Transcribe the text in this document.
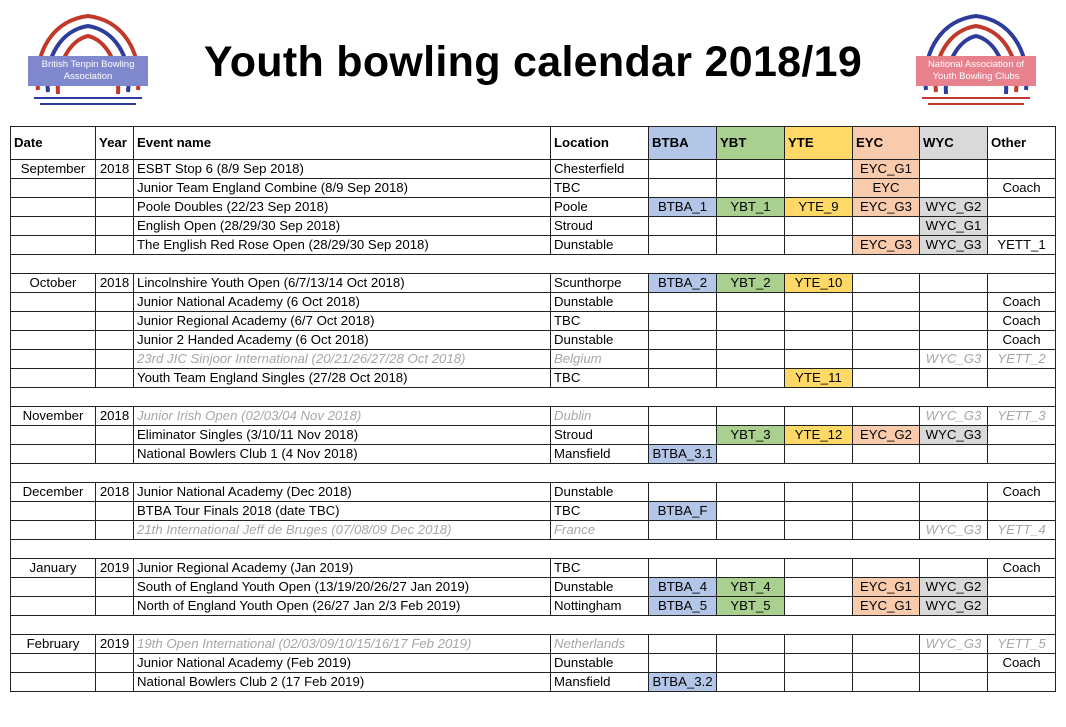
British Tenpin Bowling Association
National Association of Youth Bowling Clubs
Youth bowling calendar 2018/19
Date	Year	Event name	Location	BTBA	YBT	YTE	EYC	WYC	Other
September	2018	ESBT Stop 6 (8/9 Sep 2018)	Chesterfield				EYC_G1		
		Junior Team England Combine (8/9 Sep 2018)	TBC				EYC		Coach
		Poole Doubles (22/23 Sep 2018)	Poole	BTBA_1	YBT_1	YTE_9	EYC_G3	WYC_G2	
		English Open (28/29/30 Sep 2018)	Stroud					WYC_G1	
		The English Red Rose Open (28/29/30 Sep 2018)	Dunstable				EYC_G3	WYC_G3	YETT_1

October	2018	Lincolnshire Youth Open (6/7/13/14 Oct 2018)	Scunthorpe	BTBA_2	YBT_2	YTE_10			
		Junior National Academy (6 Oct 2018)	Dunstable						Coach
		Junior Regional Academy (6/7 Oct 2018)	TBC						Coach
		Junior 2 Handed Academy (6 Oct 2018)	Dunstable						Coach
		23rd JIC Sinjoor International (20/21/26/27/28 Oct 2018)	Belgium					WYC_G3	YETT_2
		Youth Team England Singles (27/28 Oct 2018)	TBC			YTE_11			

November	2018	Junior Irish Open (02/03/04 Nov 2018)	Dublin					WYC_G3	YETT_3
		Eliminator Singles (3/10/11 Nov 2018)	Stroud		YBT_3	YTE_12	EYC_G2	WYC_G3	
		National Bowlers Club 1 (4 Nov 2018)	Mansfield	BTBA_3.1					

December	2018	Junior National Academy (Dec 2018)	Dunstable						Coach
		BTBA Tour Finals 2018 (date TBC)	TBC	BTBA_F					
		21th International Jeff de Bruges (07/08/09 Dec 2018)	France					WYC_G3	YETT_4

January	2019	Junior Regional Academy (Jan 2019)	TBC						Coach
		South of England Youth Open (13/19/20/26/27 Jan 2019)	Dunstable	BTBA_4	YBT_4		EYC_G1	WYC_G2	
		North of England Youth Open (26/27 Jan 2/3 Feb 2019)	Nottingham	BTBA_5	YBT_5		EYC_G1	WYC_G2	

February	2019	19th Open International (02/03/09/10/15/16/17 Feb 2019)	Netherlands					WYC_G3	YETT_5
		Junior National Academy (Feb 2019)	Dunstable						Coach
		National Bowlers Club 2 (17 Feb 2019)	Mansfield	BTBA_3.2					
